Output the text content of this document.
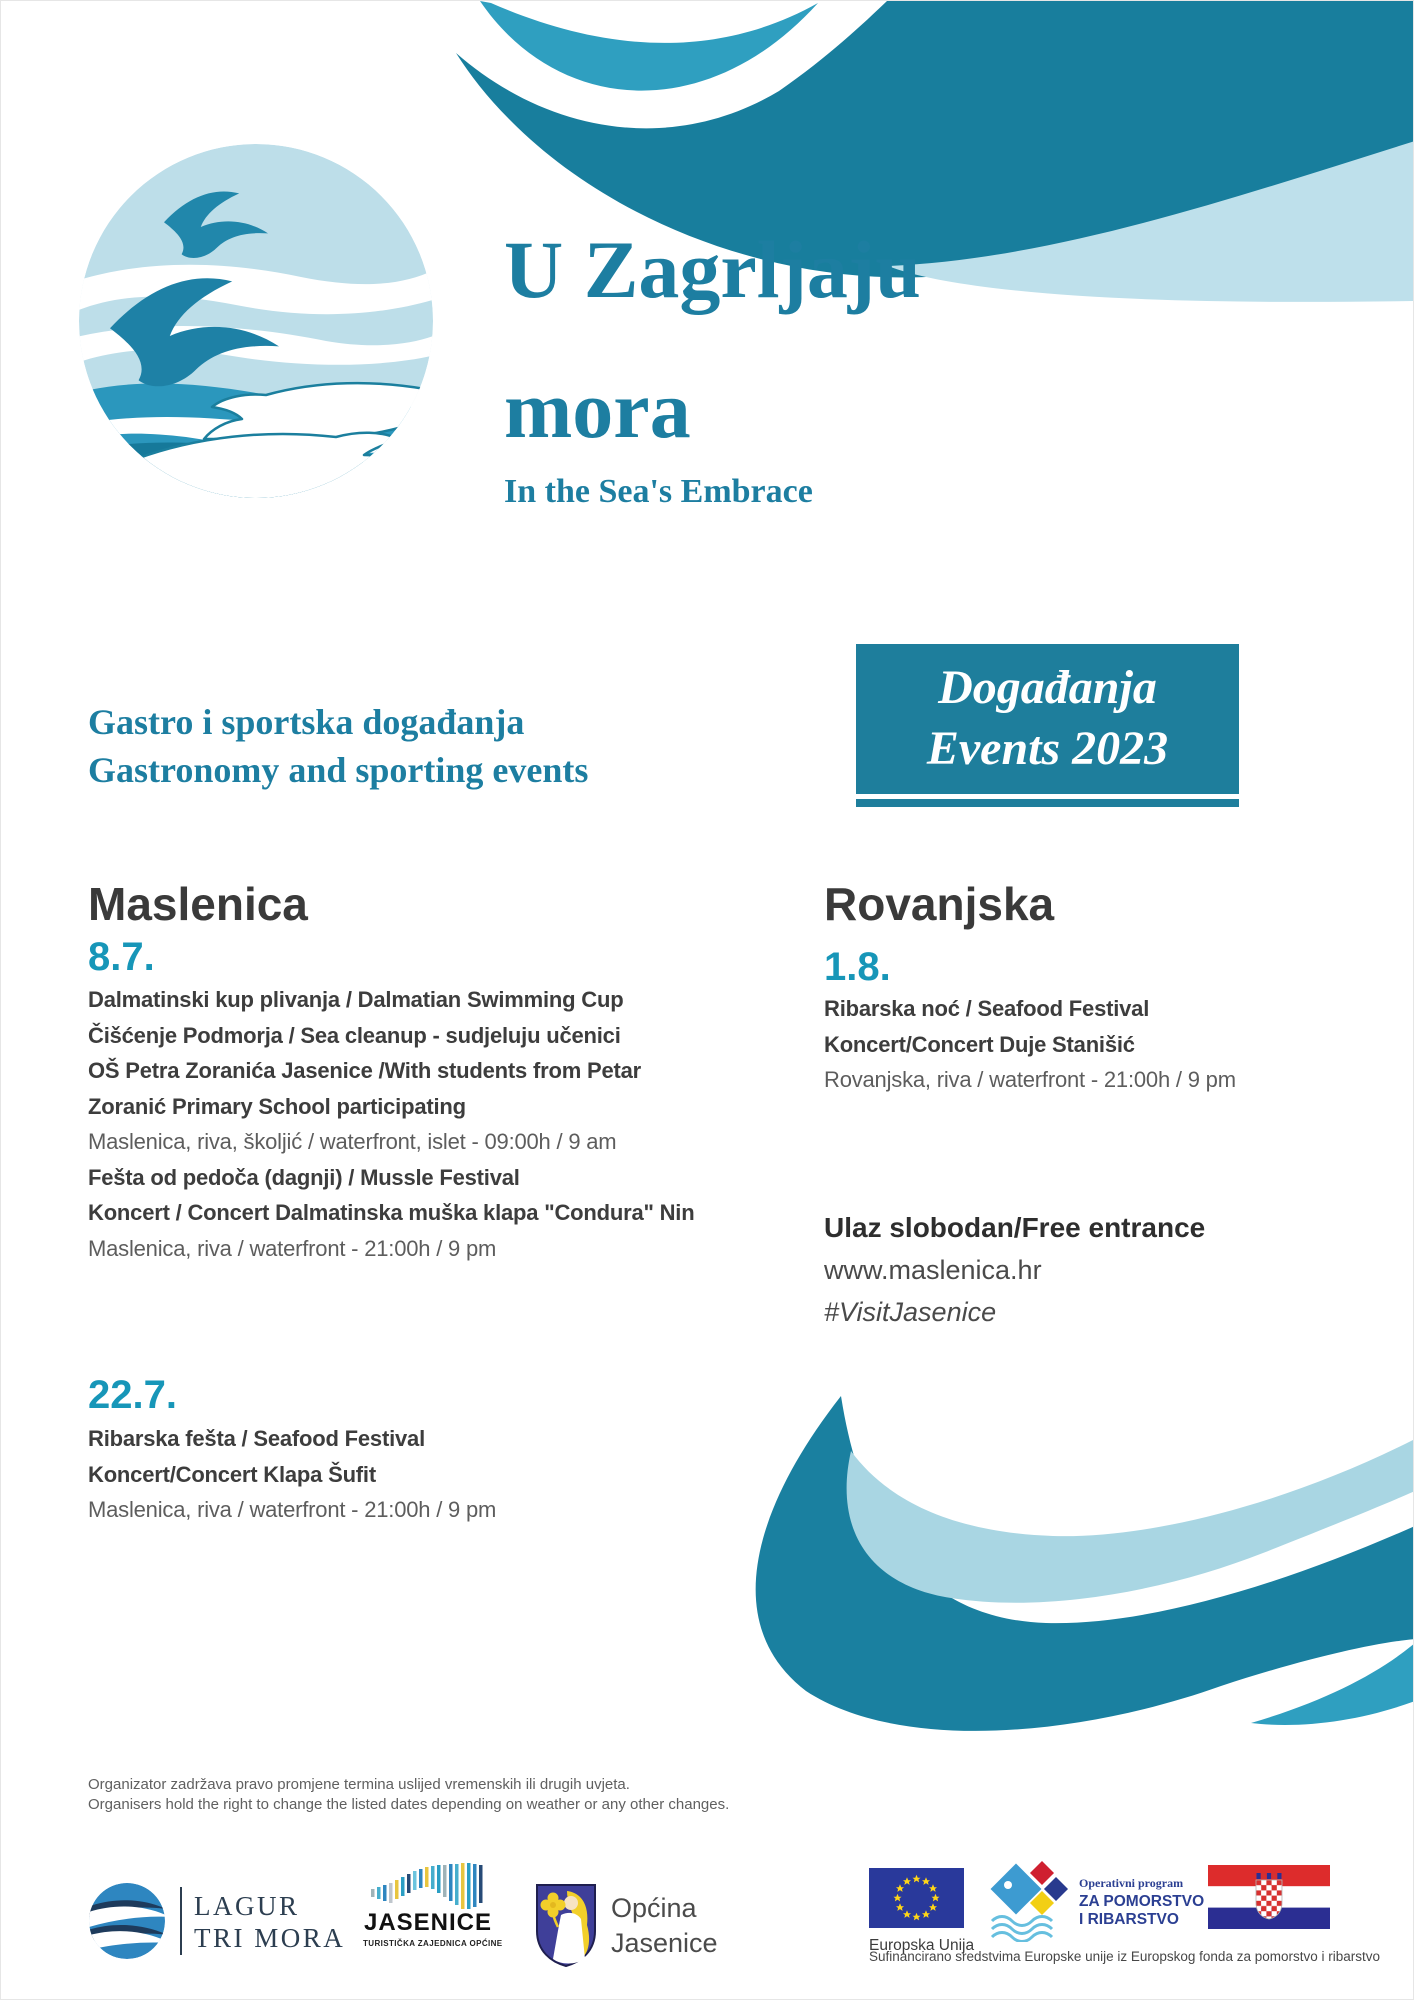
U Zagrljaju
mora
In the Sea's Embrace
Događanja
Events 2023
Gastro i sportska događanja
Gastronomy and sporting events
Maslenica
8.7.
Dalmatinski kup plivanja / Dalmatian Swimming Cup
Čišćenje Podmorja / Sea cleanup - sudjeluju učenici
OŠ Petra Zoranića Jasenice /With students from Petar
Zoranić Primary School participating
Maslenica, riva, školjić / waterfront, islet - 09:00h / 9 am
Fešta od pedoča (dagnji) / Mussle Festival
Koncert / Concert Dalmatinska muška klapa "Condura" Nin
Maslenica, riva / waterfront - 21:00h / 9 pm
Rovanjska
1.8.
Ribarska noć / Seafood Festival
Koncert/Concert Duje Stanišić
Rovanjska, riva / waterfront - 21:00h / 9 pm
Ulaz slobodan/Free entrance
www.maslenica.hr
#VisitJasenice
22.7.
Ribarska fešta / Seafood Festival
Koncert/Concert Klapa Šufit
Maslenica, riva / waterfront - 21:00h / 9 pm
Organizator zadržava pravo promjene termina uslijed vremenskih ili drugih uvjeta.
Organisers hold the right to change the listed dates depending on weather or any other changes.
LAGUR
TRI MORA
JASENICE
TURISTIČKA ZAJEDNICA OPĆINE
Općina
Jasenice	Europska Unija
Operativni program
ZA POMORSTVO
I RIBARSTVO
Sufinancirano sredstvima Europske unije iz Europskog fonda za pomorstvo i ribarstvo
